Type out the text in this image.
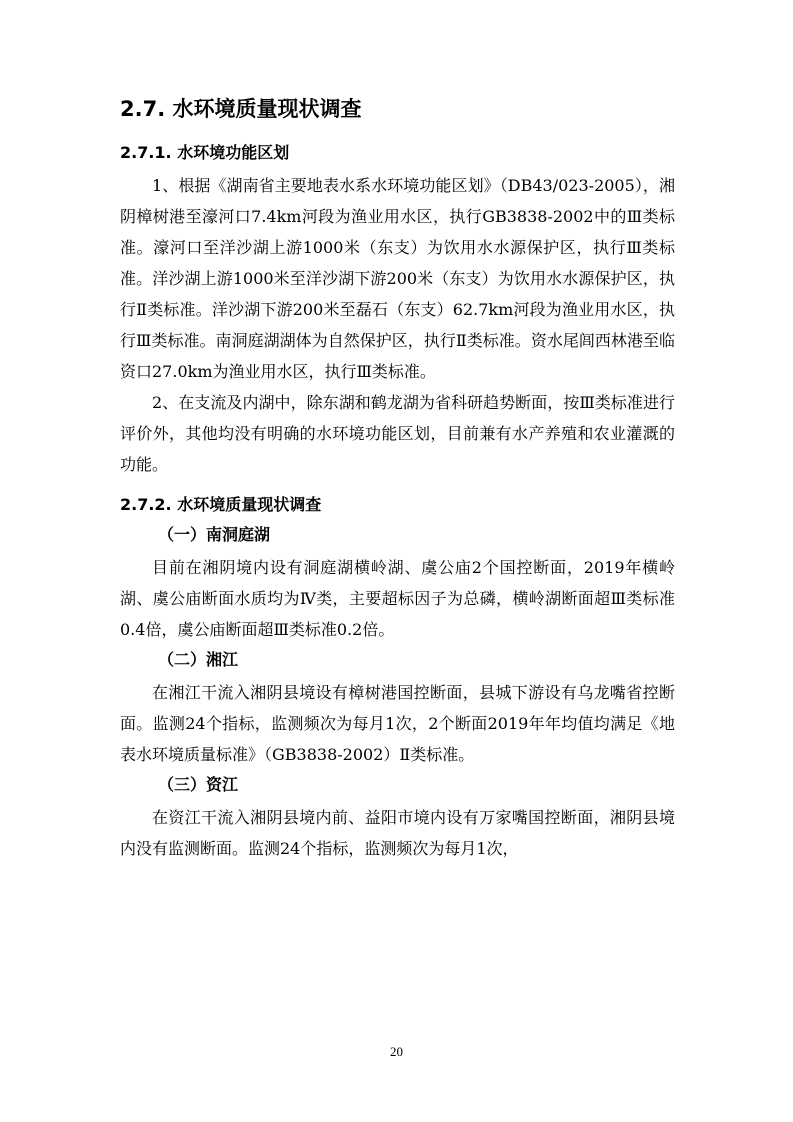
2.7. 水环境质量现状调查
2.7.1. 水环境功能区划

1、根据《湖南省主要地表水系水环境功能区划》（DB43/023-2005），湘阴樟树港至濠河口7.4km河段为渔业用水区，执行GB3838-2002中的Ⅲ类标准。濠河口至洋沙湖上游1000米（东支）为饮用水水源保护区，执行Ⅲ类标准。洋沙湖上游1000米至洋沙湖下游200米（东支）为饮用水水源保护区，执行Ⅱ类标准。洋沙湖下游200米至磊石（东支）62.7km河段为渔业用水区，执行Ⅲ类标准。南洞庭湖湖体为自然保护区，执行Ⅱ类标准。资水尾闾西林港至临资口27.0km为渔业用水区，执行Ⅲ类标准。

2、在支流及内湖中，除东湖和鹤龙湖为省科研趋势断面，按Ⅲ类标准进行评价外，其他均没有明确的水环境功能区划，目前兼有水产养殖和农业灌溉的功能。

2.7.2. 水环境质量现状调查
（一）南洞庭湖

目前在湘阴境内设有洞庭湖横岭湖、虞公庙2个国控断面，2019年横岭湖、虞公庙断面水质均为Ⅳ类，主要超标因子为总磷，横岭湖断面超Ⅲ类标准0.4倍，虞公庙断面超Ⅲ类标准0.2倍。

（二）湘江

在湘江干流入湘阴县境设有樟树港国控断面，县城下游设有乌龙嘴省控断面。监测24个指标，监测频次为每月1次，2个断面2019年年均值均满足《地表水环境质量标准》（GB3838-2002）Ⅱ类标准。

（三）资江

在资江干流入湘阴县境内前、益阳市境内设有万家嘴国控断面，湘阴县境内没有监测断面。监测24个指标，监测频次为每月1次，

20
